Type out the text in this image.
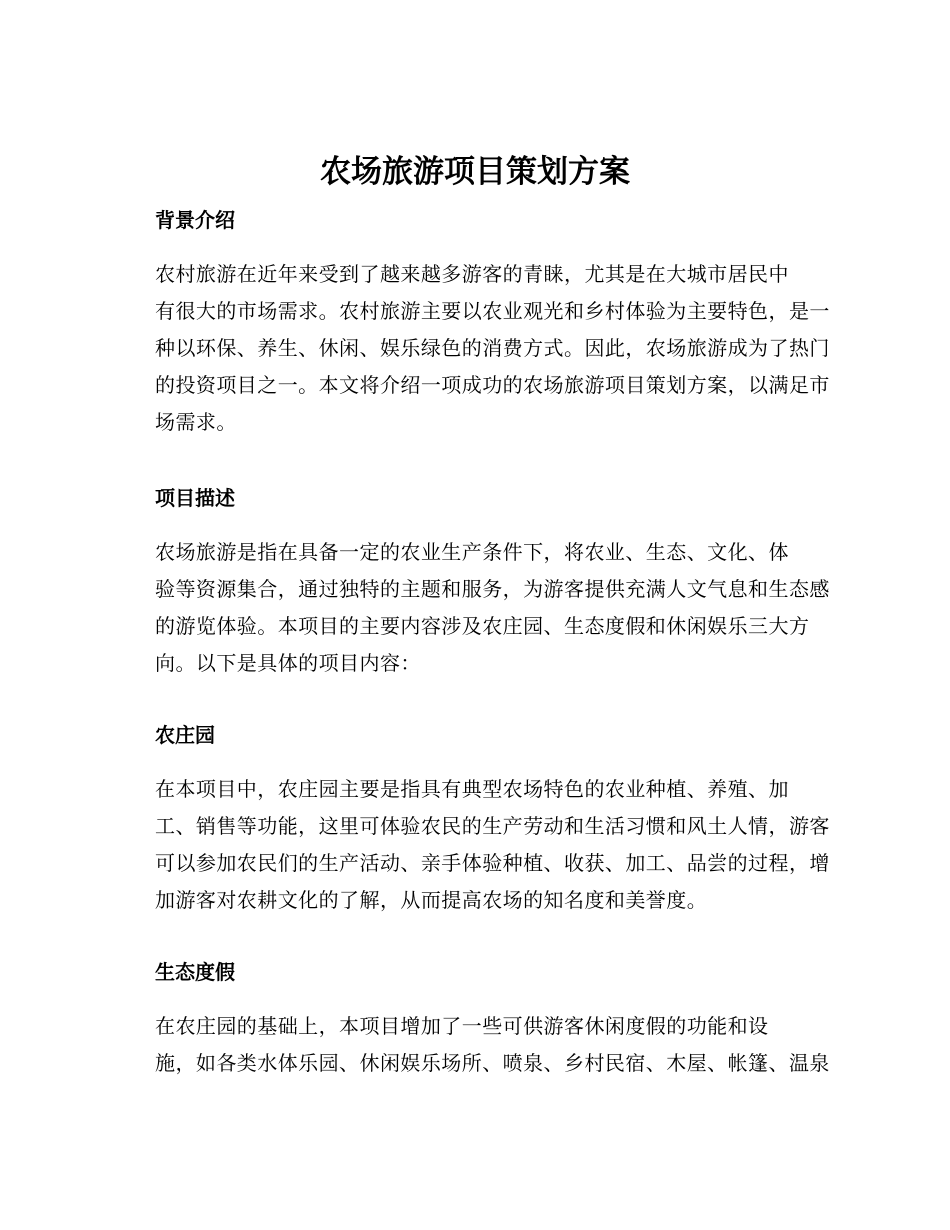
农场旅游项目策划方案
背景介绍

农村旅游在近年来受到了越来越多游客的青睐，尤其是在大城市居民中
有很大的市场需求。农村旅游主要以农业观光和乡村体验为主要特色，是一
种以环保、养生、休闲、娱乐绿色的消费方式。因此，农场旅游成为了热门
的投资项目之一。本文将介绍一项成功的农场旅游项目策划方案，以满足市
场需求。

项目描述

农场旅游是指在具备一定的农业生产条件下，将农业、生态、文化、体
验等资源集合，通过独特的主题和服务，为游客提供充满人文气息和生态感
的游览体验。本项目的主要内容涉及农庄园、生态度假和休闲娱乐三大方
向。以下是具体的项目内容：

农庄园

在本项目中，农庄园主要是指具有典型农场特色的农业种植、养殖、加
工、销售等功能，这里可体验农民的生产劳动和生活习惯和风土人情，游客
可以参加农民们的生产活动、亲手体验种植、收获、加工、品尝的过程，增
加游客对农耕文化的了解，从而提高农场的知名度和美誉度。

生态度假

在农庄园的基础上，本项目增加了一些可供游客休闲度假的功能和设
施，如各类水体乐园、休闲娱乐场所、喷泉、乡村民宿、木屋、帐篷、温泉
